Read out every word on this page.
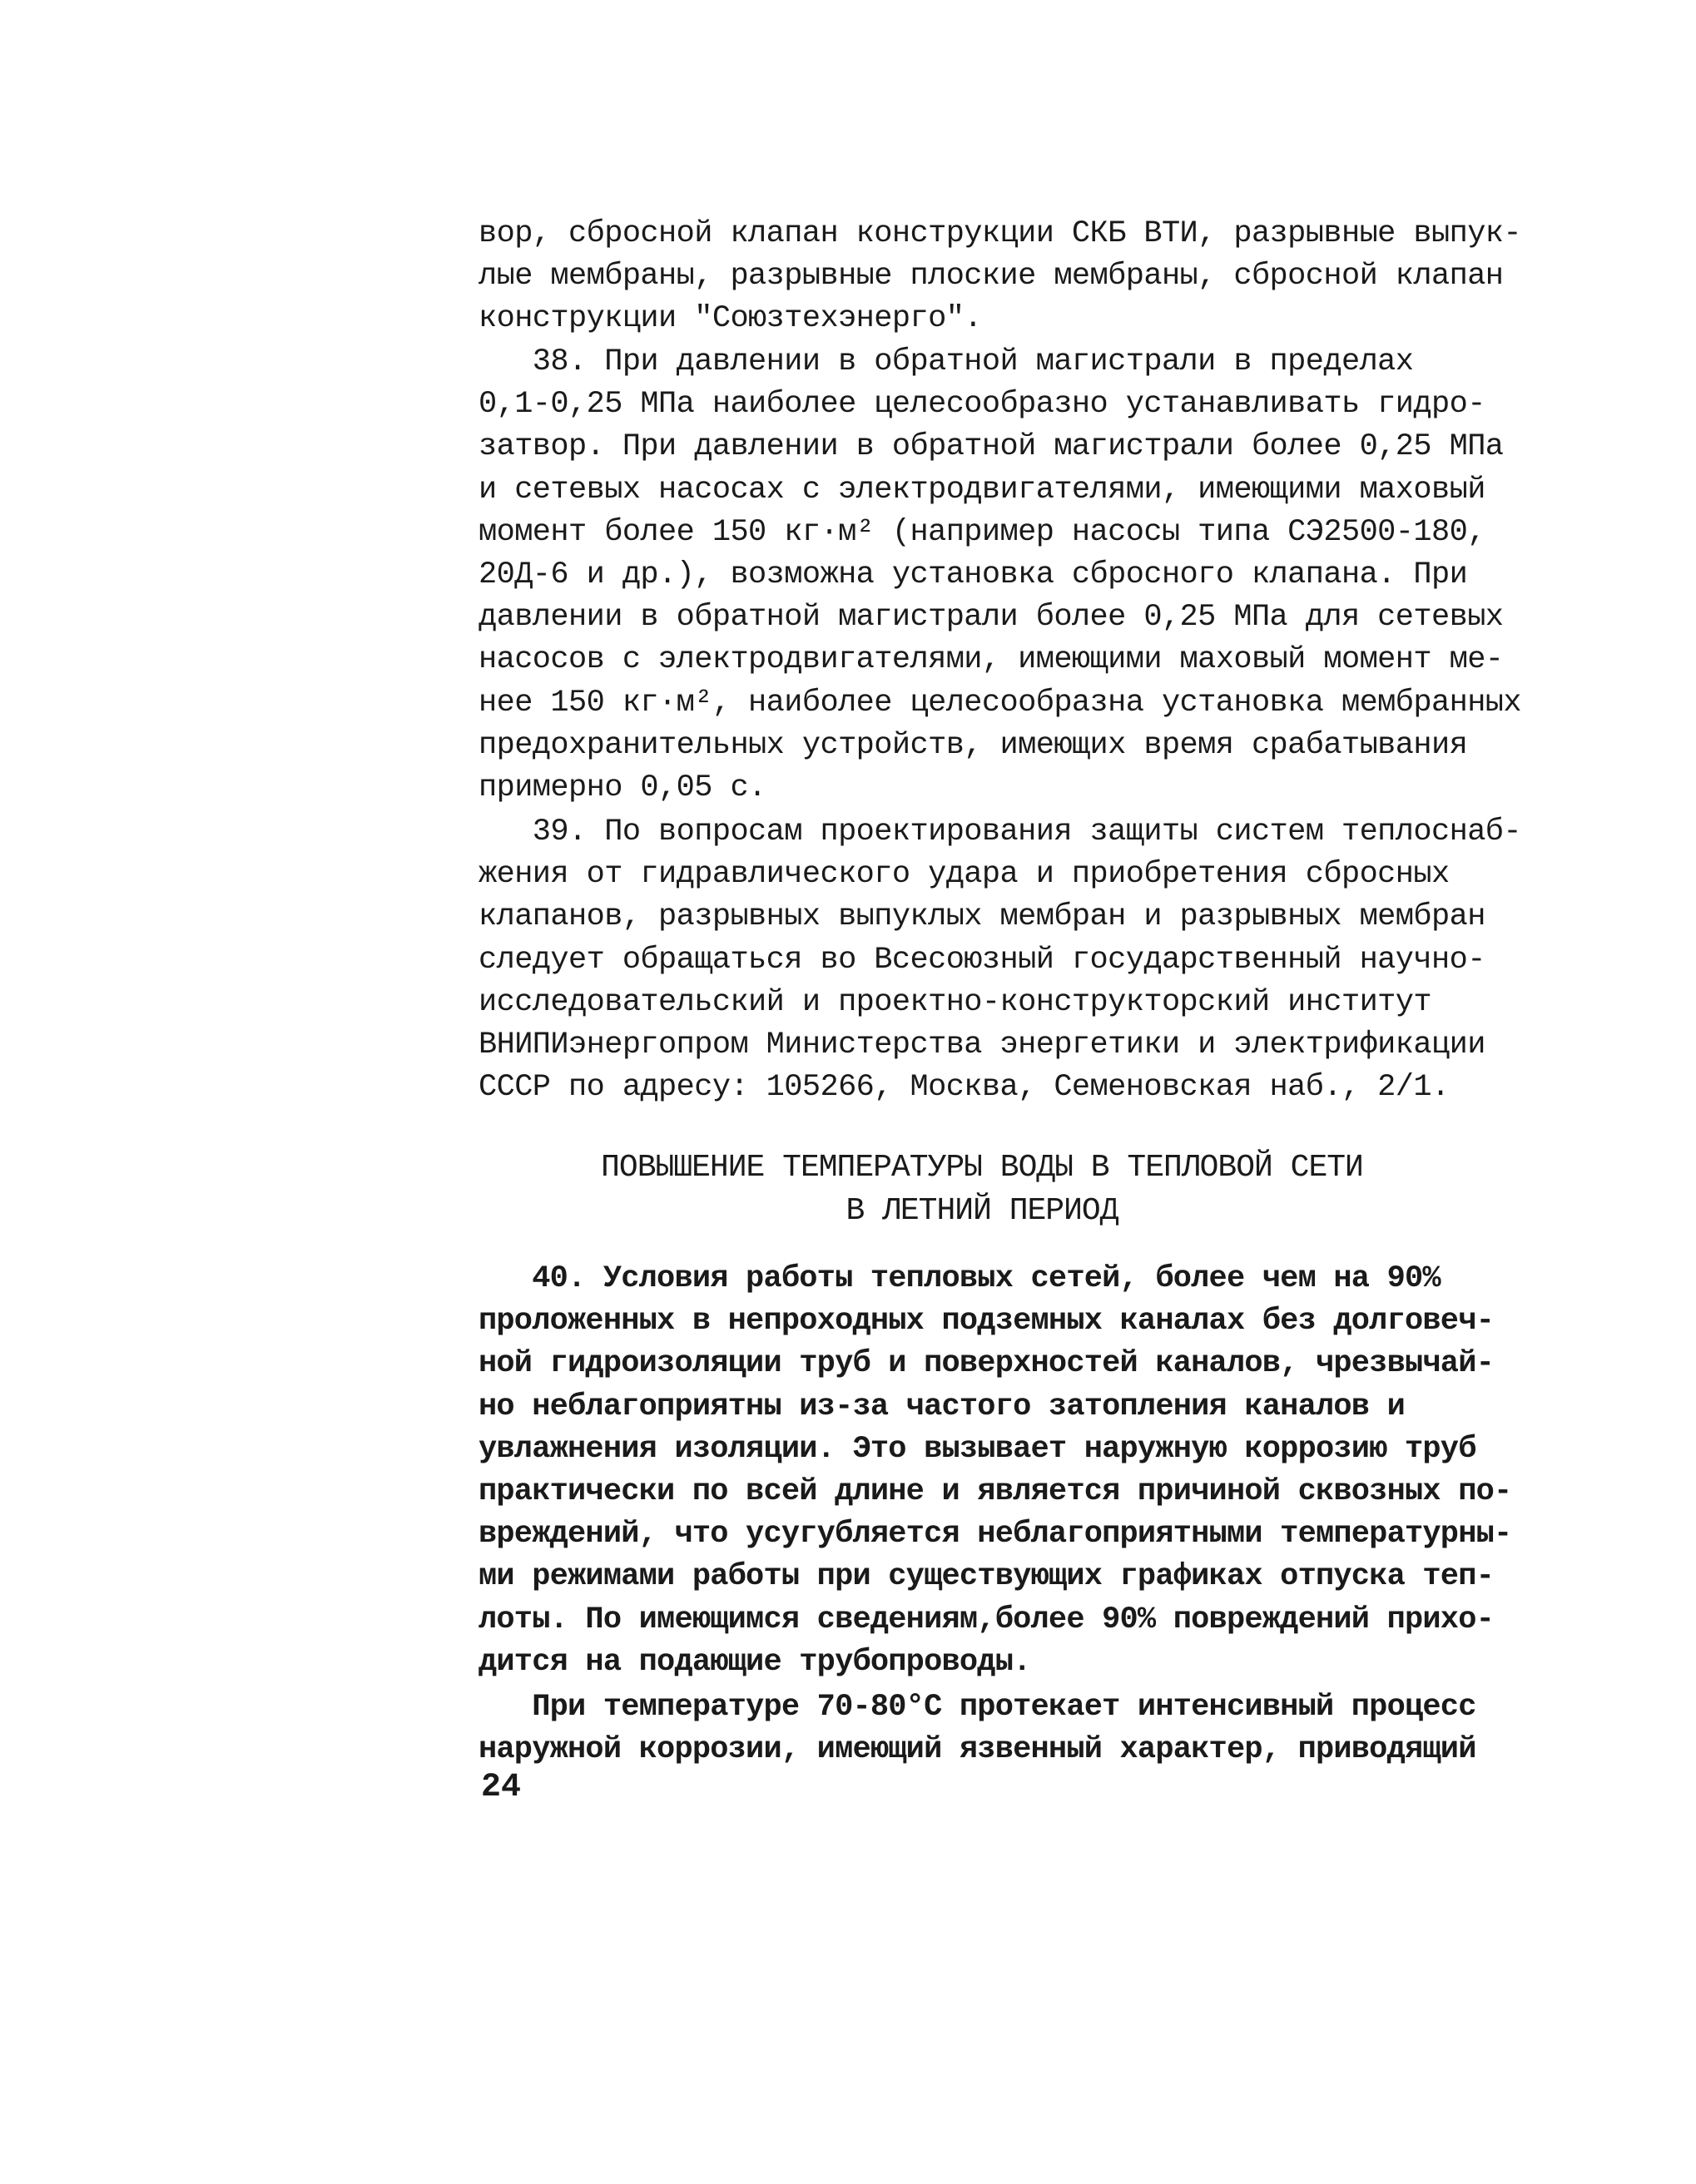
вор, сбросной клапан конструкции СКБ ВТИ, разрывные выпук-
лые мембраны, разрывные плоские мембраны, сбросной клапан
конструкции "Союзтехэнерго".
38. При давлении в обратной магистрали в пределах
0,1-0,25 МПа наиболее целесообразно устанавливать гидро-
затвор. При давлении в обратной магистрали более 0,25 МПа
и сетевых насосах с электродвигателями, имеющими маховый
момент более 150 кг·м² (например насосы типа СЭ2500-180,
20Д-6 и др.), возможна установка сбросного клапана. При
давлении в обратной магистрали более 0,25 МПа для сетевых
насосов с электродвигателями, имеющими маховый момент ме-
нее 150 кг·м², наиболее целесообразна установка мембранных
предохранительных устройств, имеющих время срабатывания
примерно 0,05 с.
39. По вопросам проектирования защиты систем теплоснаб-
жения от гидравлического удара и приобретения сбросных
клапанов, разрывных выпуклых мембран и разрывных мембран
следует обращаться во Всесоюзный государственный научно-
исследовательский и проектно-конструкторский институт
ВНИПИэнергопром Министерства энергетики и электрификации
СССР по адресу: 105266, Москва, Семеновская наб., 2/1.
ПОВЫШЕНИЕ ТЕМПЕРАТУРЫ ВОДЫ В ТЕПЛОВОЙ СЕТИ
В ЛЕТНИЙ ПЕРИОД
40. Условия работы тепловых сетей, более чем на 90%
проложенных в непроходных подземных каналах без долговеч-
ной гидроизоляции труб и поверхностей каналов, чрезвычай-
но неблагоприятны из-за частого затопления каналов и
увлажнения изоляции. Это вызывает наружную коррозию труб
практически по всей длине и является причиной сквозных по-
вреждений, что усугубляется неблагоприятными температурны-
ми режимами работы при существующих графиках отпуска теп-
лоты. По имеющимся сведениям,более 90% повреждений прихо-
дится на подающие трубопроводы.
При температуре 70-80°С протекает интенсивный процесс
наружной коррозии, имеющий язвенный характер, приводящий
24
